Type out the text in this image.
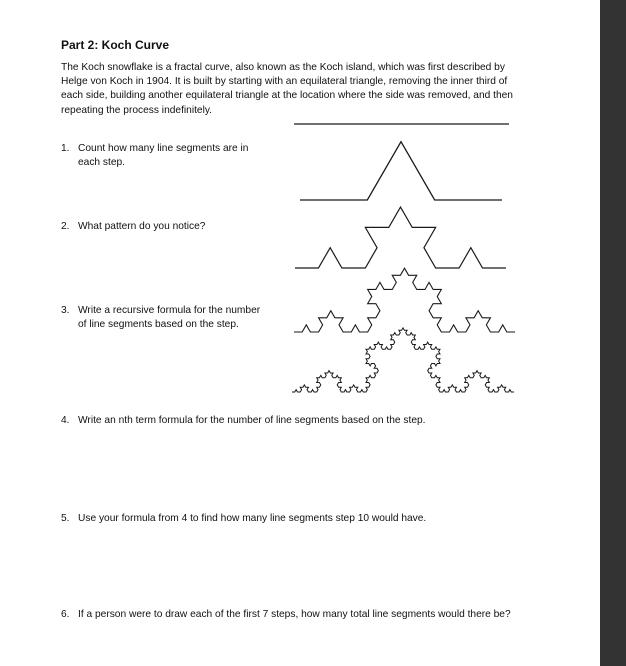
Part 2: Koch Curve
The Koch snowflake is a fractal curve, also known as the Koch island, which was first described by
Helge von Koch in 1904. It is built by starting with an equilateral triangle, removing the inner third of
each side, building another equilateral triangle at the location where the side was removed, and then
repeating the process indefinitely.
1. Count how many line segments are in
each step.
2. What pattern do you notice?
3. Write a recursive formula for the number
of line segments based on the step.
4. Write an nth term formula for the number of line segments based on the step.
5. Use your formula from 4 to find how many line segments step 10 would have.
6. If a person were to draw each of the first 7 steps, how many total line segments would there be?
